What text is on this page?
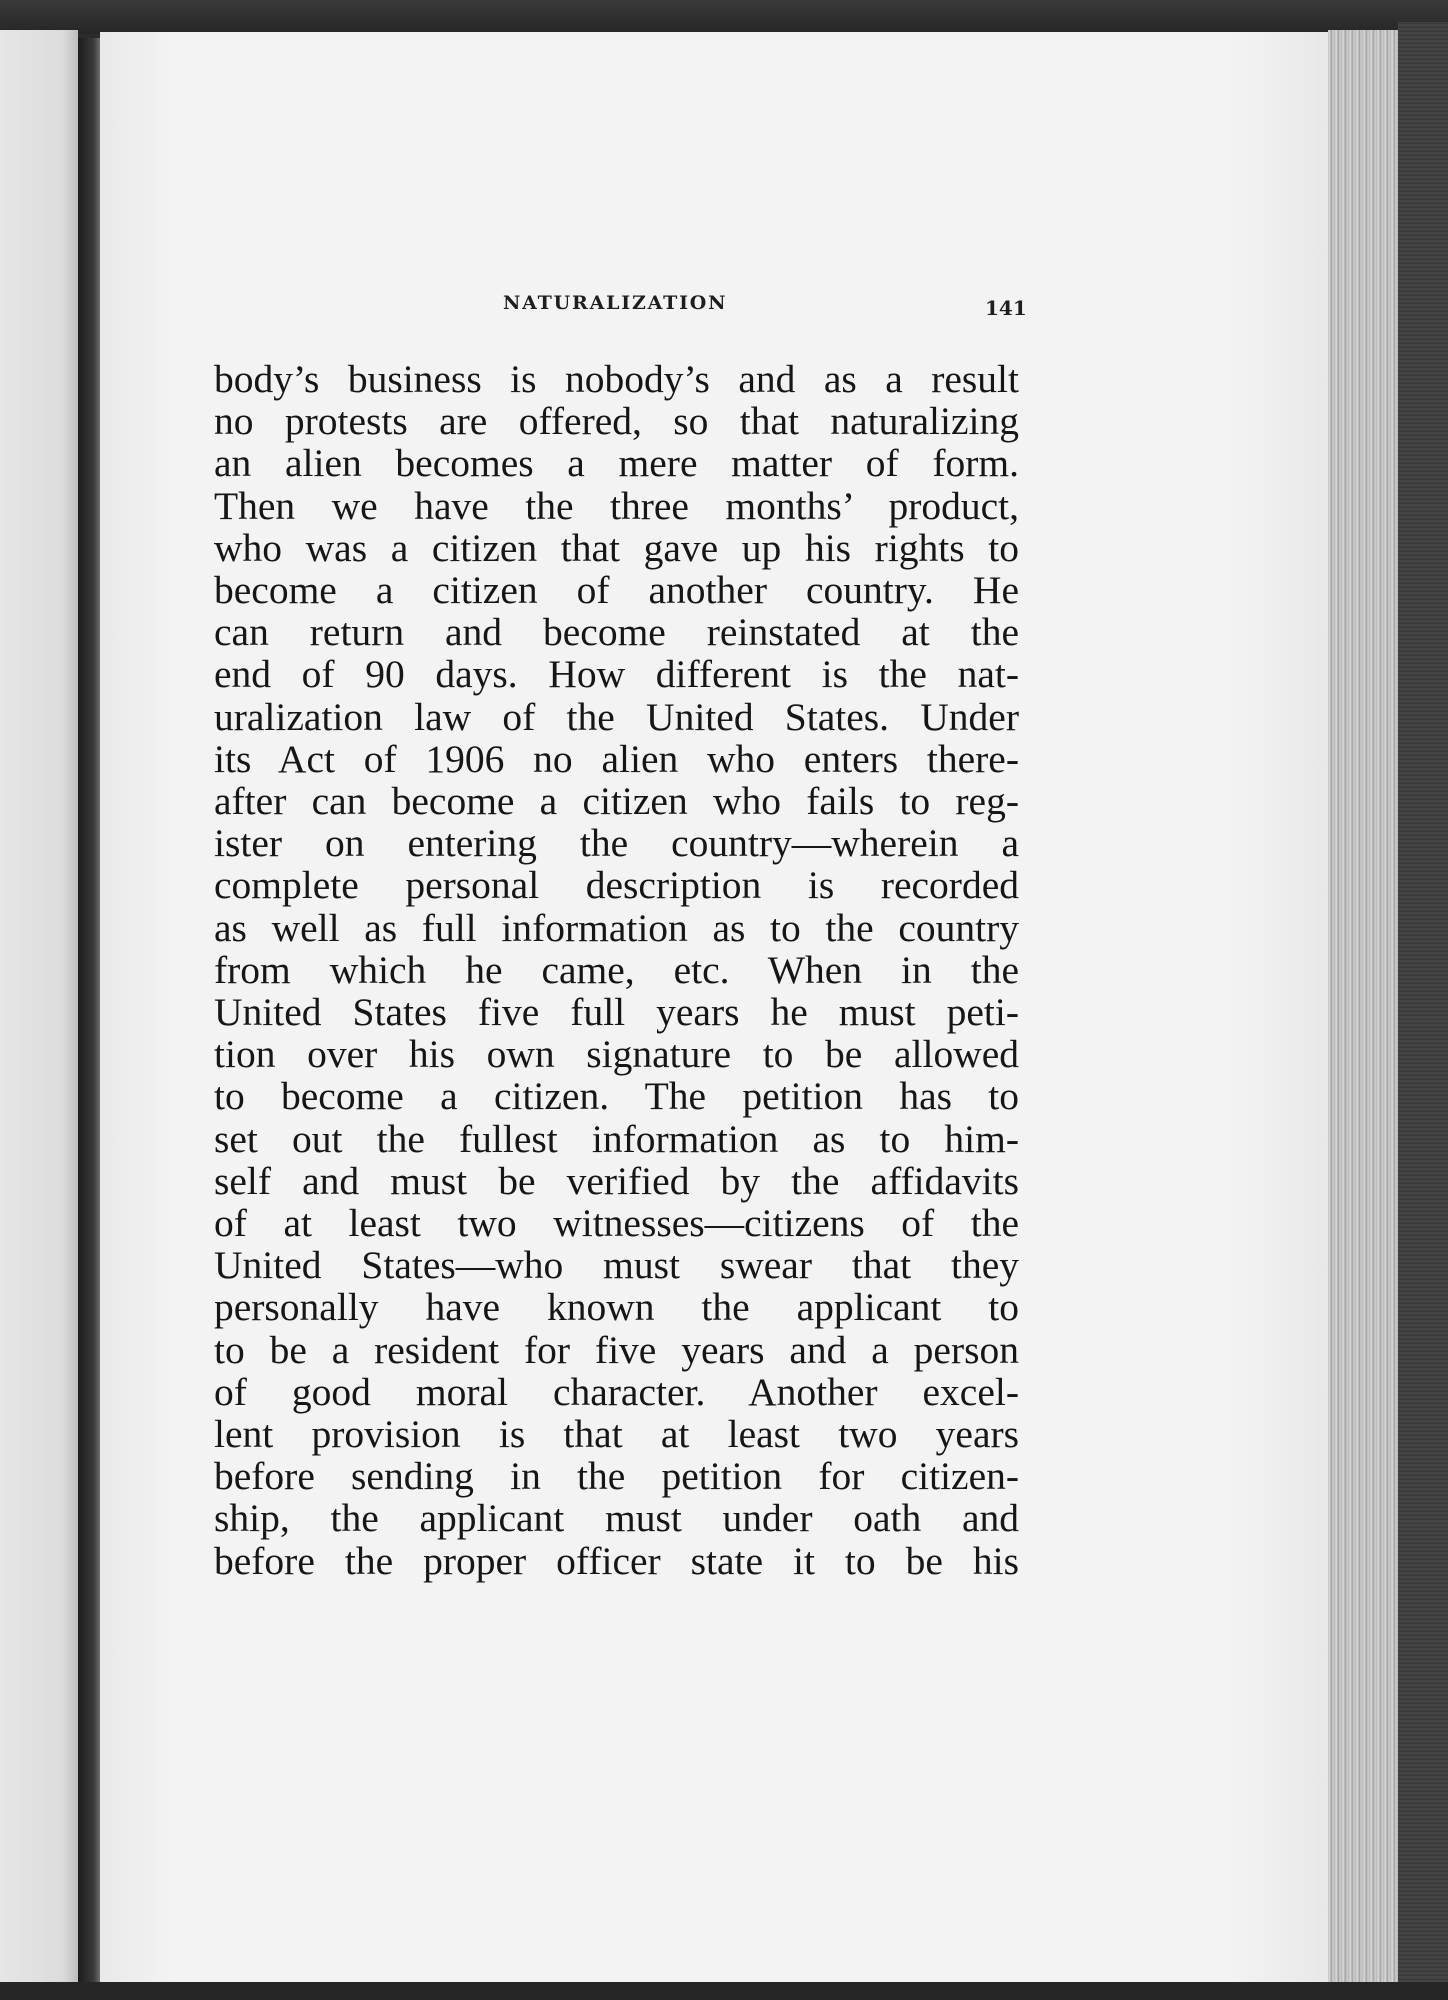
NATURALIZATION	141
body’s business is nobody’s and as a result
no protests are offered, so that naturalizing
an alien becomes a mere matter of form.
Then we have the three months’ product,
who was a citizen that gave up his rights to
become a citizen of another country. He
can return and become reinstated at the
end of 90 days. How different is the nat-
uralization law of the United States. Under
its Act of 1906 no alien who enters there-
after can become a citizen who fails to reg-
ister on entering the country—wherein a
complete personal description is recorded
as well as full information as to the country
from which he came, etc. When in the
United States five full years he must peti-
tion over his own signature to be allowed
to become a citizen. The petition has to
set out the fullest information as to him-
self and must be verified by the affidavits
of at least two witnesses—citizens of the
United States—who must swear that they
personally have known the applicant to
to be a resident for five years and a person
of good moral character. Another excel-
lent provision is that at least two years
before sending in the petition for citizen-
ship, the applicant must under oath and
before the proper officer state it to be his
